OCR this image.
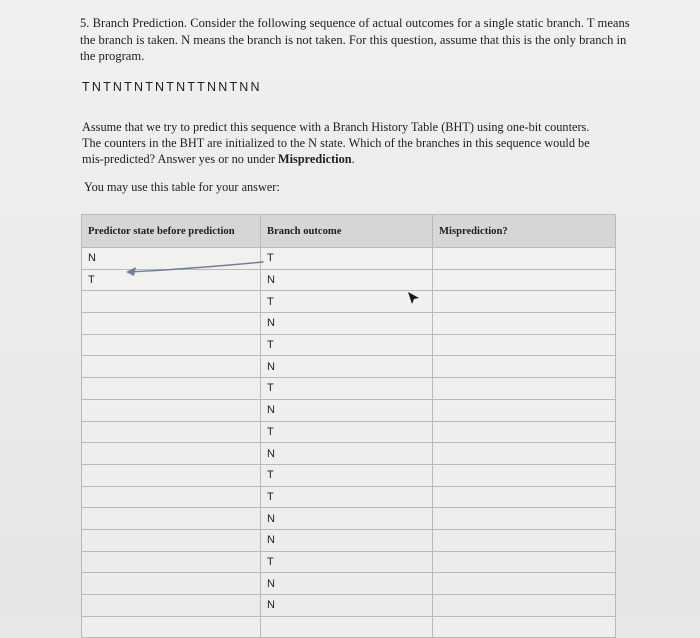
5. Branch Prediction. Consider the following sequence of actual outcomes for a single static branch. T means the branch is taken. N means the branch is not taken. For this question, assume that this is the only branch in the program.
TNTNTNTNTNTTNNTNN
Assume that we try to predict this sequence with a Branch History Table (BHT) using one-bit counters. The counters in the BHT are initialized to the N state. Which of the branches in this sequence would be mis-predicted? Answer yes or no under Misprediction.
You may use this table for your answer:
Predictor state before prediction	Branch outcome	Misprediction?
N	T	
T	N	
	T	
	N	
	T	
	N	
	T	
	N	
	T	
	N	
	T	
	T	
	N	
	N	
	T	
	N	
	N	
